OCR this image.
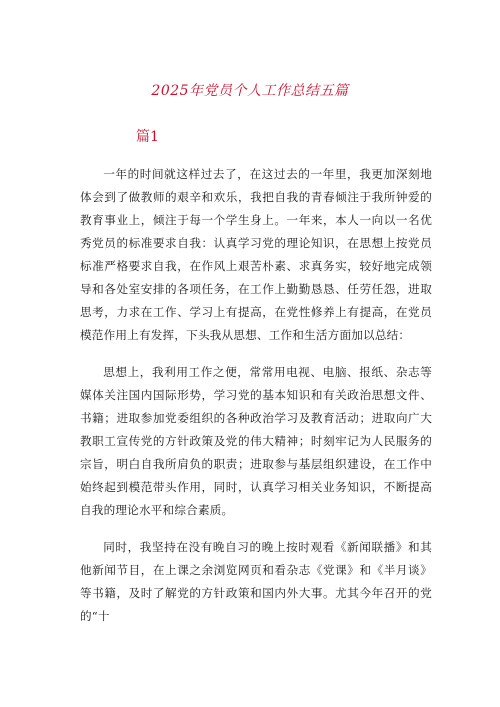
2025年党员个人工作总结五篇
篇1

一年的时间就这样过去了，在这过去的一年里，我更加深刻地体会到了做教师的艰辛和欢乐，我把自我的青春倾注于我所钟爱的教育事业上，倾注于每一个学生身上。一年来，本人一向以一名优秀党员的标准要求自我：认真学习党的理论知识，在思想上按党员标准严格要求自我，在作风上艰苦朴素、求真务实，较好地完成领导和各处室安排的各项任务，在工作上勤勤恳恳、任劳任怨，进取思考，力求在工作、学习上有提高，在党性修养上有提高，在党员模范作用上有发挥，下头我从思想、工作和生活方面加以总结：

思想上，我利用工作之便，常常用电视、电脑、报纸、杂志等媒体关注国内国际形势，学习党的基本知识和有关政治思想文件、书籍；进取参加党委组织的各种政治学习及教育活动；进取向广大教职工宣传党的方针政策及党的伟大精神；时刻牢记为人民服务的宗旨，明白自我所肩负的职责；进取参与基层组织建设，在工作中始终起到模范带头作用，同时，认真学习相关业务知识，不断提高自我的理论水平和综合素质。

同时，我坚持在没有晚自习的晚上按时观看《新闻联播》和其他新闻节目，在上课之余浏览网页和看杂志《党课》和《半月谈》等书籍，及时了解党的方针政策和国内外大事。尤其今年召开的党的“十
